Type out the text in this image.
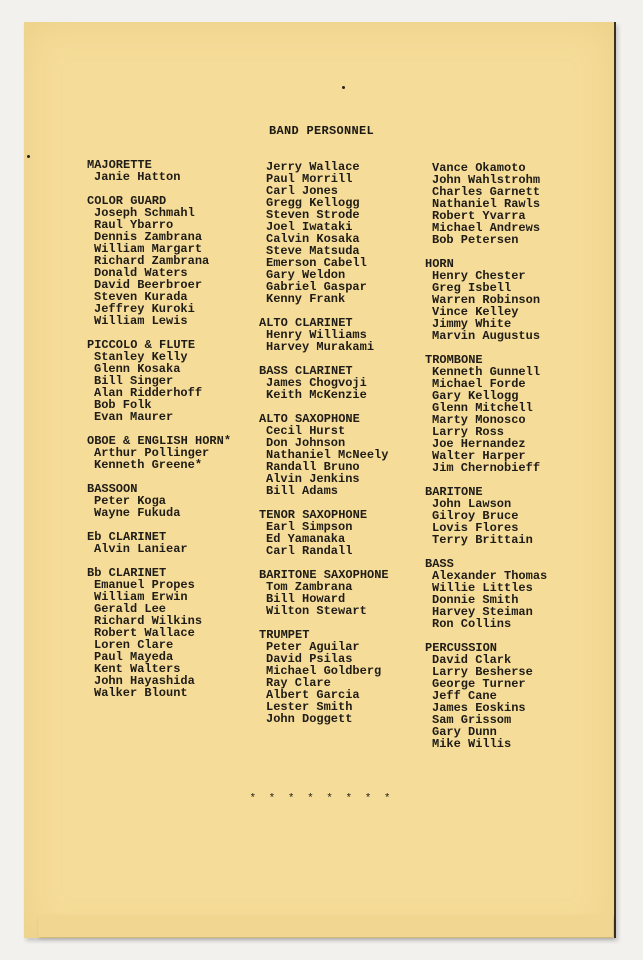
BAND PERSONNEL
MAJORETTE
Janie Hatton
COLOR GUARD
Joseph Schmahl
Raul Ybarro
Dennis Zambrana
William Margart
Richard Zambrana
Donald Waters
David Beerbroer
Steven Kurada
Jeffrey Kuroki
William Lewis
PICCOLO & FLUTE
Stanley Kelly
Glenn Kosaka
Bill Singer
Alan Ridderhoff
Bob Folk
Evan Maurer
OBOE & ENGLISH HORN*
Arthur Pollinger
Kenneth Greene*
BASSOON
Peter Koga
Wayne Fukuda
Eb CLARINET
Alvin Laniear
Bb CLARINET
Emanuel Propes
William Erwin
Gerald Lee
Richard Wilkins
Robert Wallace
Loren Clare
Paul Mayeda
Kent Walters
John Hayashida
Walker Blount
Jerry Wallace
Paul Morrill
Carl Jones
Gregg Kellogg
Steven Strode
Joel Iwataki
Calvin Kosaka
Steve Matsuda
Emerson Cabell
Gary Weldon
Gabriel Gaspar
Kenny Frank
ALTO CLARINET
Henry Williams
Harvey Murakami
BASS CLARINET
James Chogvoji
Keith McKenzie
ALTO SAXOPHONE
Cecil Hurst
Don Johnson
Nathaniel McNeely
Randall Bruno
Alvin Jenkins
Bill Adams
TENOR SAXOPHONE
Earl Simpson
Ed Yamanaka
Carl Randall
BARITONE SAXOPHONE
Tom Zambrana
Bill Howard
Wilton Stewart
TRUMPET
Peter Aguilar
David Psilas
Michael Goldberg
Ray Clare
Albert Garcia
Lester Smith
John Doggett
Vance Okamoto
John Wahlstrohm
Charles Garnett
Nathaniel Rawls
Robert Yvarra
Michael Andrews
Bob Petersen
HORN
Henry Chester
Greg Isbell
Warren Robinson
Vince Kelley
Jimmy White
Marvin Augustus
TROMBONE
Kenneth Gunnell
Michael Forde
Gary Kellogg
Glenn Mitchell
Marty Monosco
Larry Ross
Joe Hernandez
Walter Harper
Jim Chernobieff
BARITONE
John Lawson
Gilroy Bruce
Lovis Flores
Terry Brittain
BASS
Alexander Thomas
Willie Littles
Donnie Smith
Harvey Steiman
Ron Collins
PERCUSSION
David Clark
Larry Besherse
George Turner
Jeff Cane
James Eoskins
Sam Grissom
Gary Dunn
Mike Willis
* * * * * * * *
